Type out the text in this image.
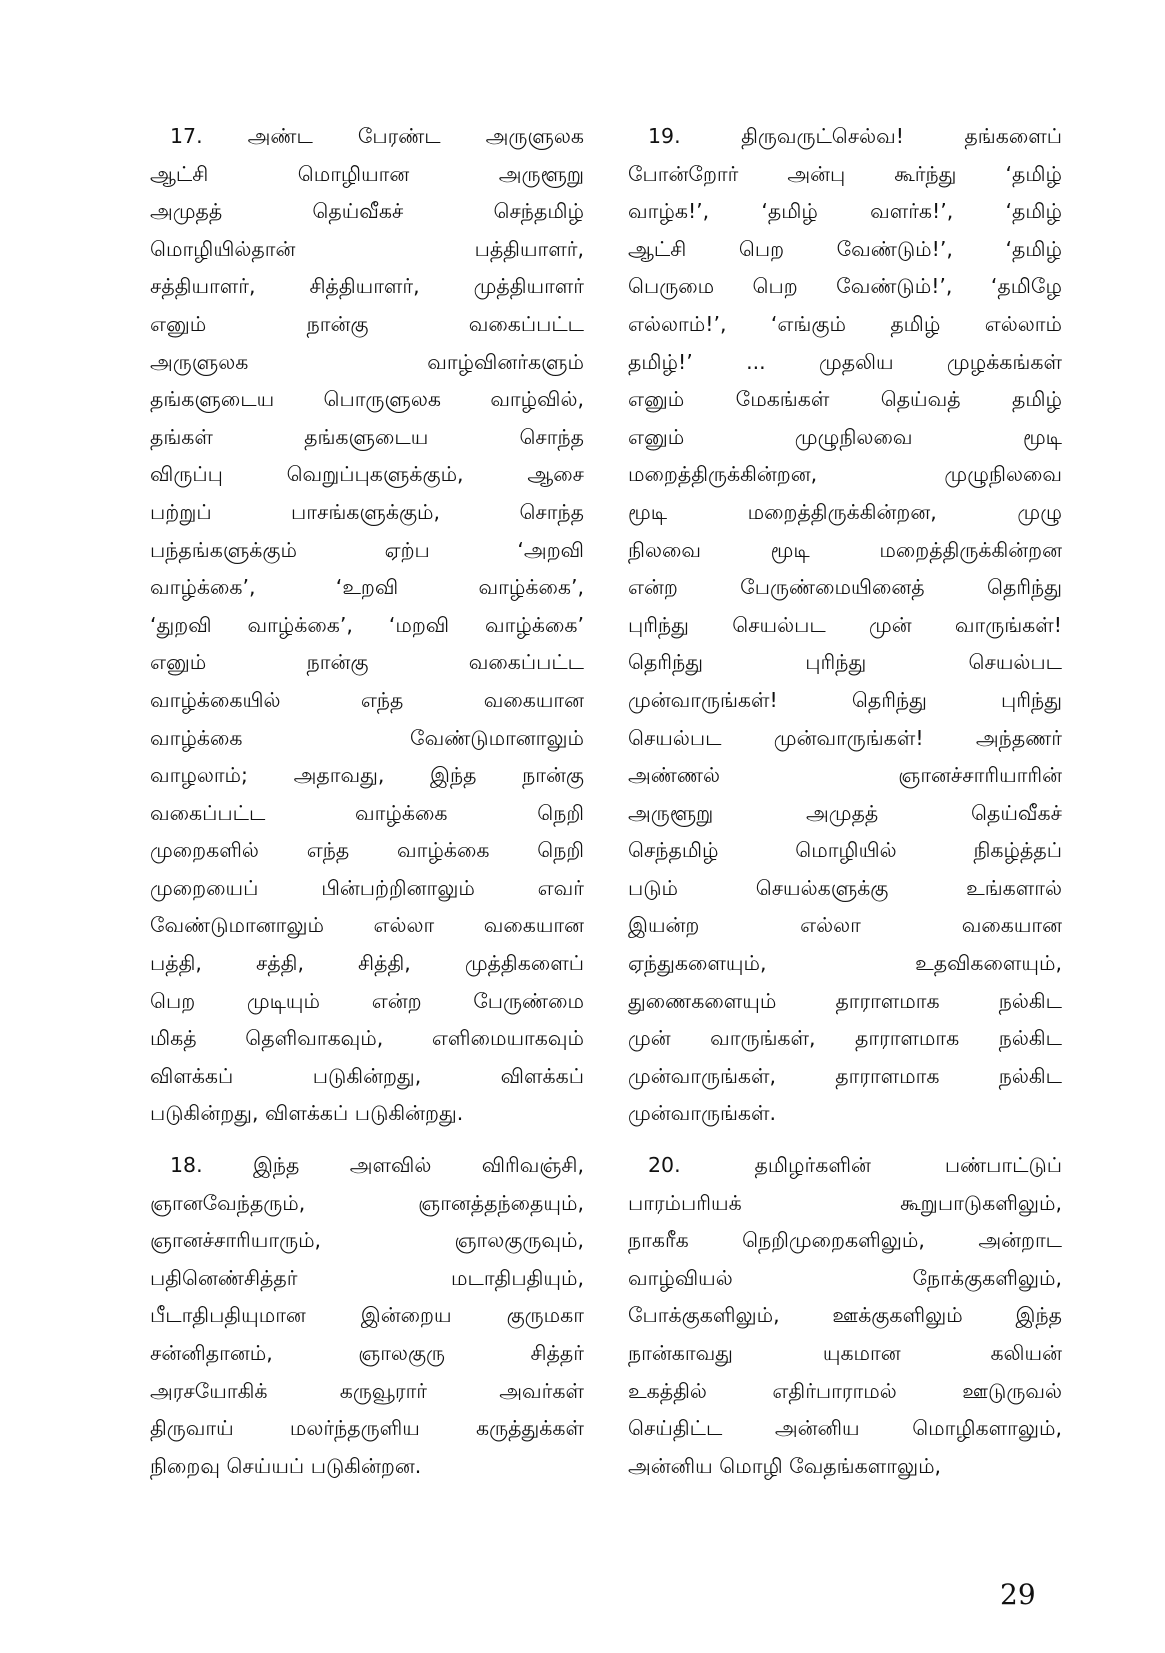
17. அண்ட பேரண்ட அருளுலக
ஆட்சி மொழியான அருளூறு
அமுதத் தெய்வீகச் செந்தமிழ்
மொழியில்தான் பத்தியாளர்,
சத்தியாளர், சித்தியாளர், முத்தியாளர்
எனும் நான்கு வகைப்பட்ட
அருளுலக வாழ்வினர்களும்
தங்களுடைய பொருளுலக வாழ்வில்,
தங்கள் தங்களுடைய சொந்த
விருப்பு வெறுப்புகளுக்கும், ஆசை
பற்றுப் பாசங்களுக்கும், சொந்த
பந்தங்களுக்கும் ஏற்ப ‘அறவி
வாழ்க்கை’, ‘உறவி வாழ்க்கை’,
‘துறவி வாழ்க்கை’, ‘மறவி வாழ்க்கை’
எனும் நான்கு வகைப்பட்ட
வாழ்க்கையில் எந்த வகையான
வாழ்க்கை வேண்டுமானாலும்
வாழலாம்; அதாவது, இந்த நான்கு
வகைப்பட்ட வாழ்க்கை நெறி
முறைகளில் எந்த வாழ்க்கை நெறி
முறையைப் பின்பற்றினாலும் எவர்
வேண்டுமானாலும் எல்லா வகையான
பத்தி, சத்தி, சித்தி, முத்திகளைப்
பெற முடியும் என்ற பேருண்மை
மிகத் தெளிவாகவும், எளிமையாகவும்
விளக்கப் படுகின்றது, விளக்கப்
படுகின்றது, விளக்கப் படுகின்றது.
18. இந்த அளவில் விரிவஞ்சி,
ஞானவேந்தரும், ஞானத்தந்தையும்,
ஞானச்சாரியாரும், ஞாலகுருவும்,
பதினெண்சித்தர் மடாதிபதியும்,
பீடாதிபதியுமான இன்றைய குருமகா
சன்னிதானம், ஞாலகுரு சித்தர்
அரசயோகிக் கருவூரார் அவர்கள்
திருவாய் மலர்ந்தருளிய கருத்துக்கள்
நிறைவு செய்யப் படுகின்றன.
19. திருவருட்செல்வ! தங்களைப்
போன்றோர் அன்பு கூர்ந்து ‘தமிழ்
வாழ்க!’, ‘தமிழ் வளர்க!’, ‘தமிழ்
ஆட்சி பெற வேண்டும்!’, ‘தமிழ்
பெருமை பெற வேண்டும்!’, ‘தமிழே
எல்லாம்!’, ‘எங்கும் தமிழ் எல்லாம்
தமிழ்!’ ... முதலிய முழக்கங்கள்
எனும் மேகங்கள் தெய்வத் தமிழ்
எனும் முழுநிலவை மூடி
மறைத்திருக்கின்றன, முழுநிலவை
மூடி மறைத்திருக்கின்றன, முழு
நிலவை மூடி மறைத்திருக்கின்றன
என்ற பேருண்மையினைத் தெரிந்து
புரிந்து செயல்பட முன் வாருங்கள்!
தெரிந்து புரிந்து செயல்பட
முன்வாருங்கள்! தெரிந்து புரிந்து
செயல்பட முன்வாருங்கள்! அந்தணர்
அண்ணல் ஞானச்சாரியாரின்
அருளூறு அமுதத் தெய்வீகச்
செந்தமிழ் மொழியில் நிகழ்த்தப்
படும் செயல்களுக்கு உங்களால்
இயன்ற எல்லா வகையான
ஏந்துகளையும், உதவிகளையும்,
துணைகளையும் தாராளமாக நல்கிட
முன் வாருங்கள், தாராளமாக நல்கிட
முன்வாருங்கள், தாராளமாக நல்கிட
முன்வாருங்கள்.
20. தமிழர்களின் பண்பாட்டுப்
பாரம்பரியக் கூறுபாடுகளிலும்,
நாகரீக நெறிமுறைகளிலும், அன்றாட
வாழ்வியல் நோக்குகளிலும்,
போக்குகளிலும், ஊக்குகளிலும் இந்த
நான்காவது யுகமான கலியன்
உகத்தில் எதிர்பாராமல் ஊடுருவல்
செய்திட்ட அன்னிய மொழிகளாலும்,
அன்னிய மொழி வேதங்களாலும்,
29
